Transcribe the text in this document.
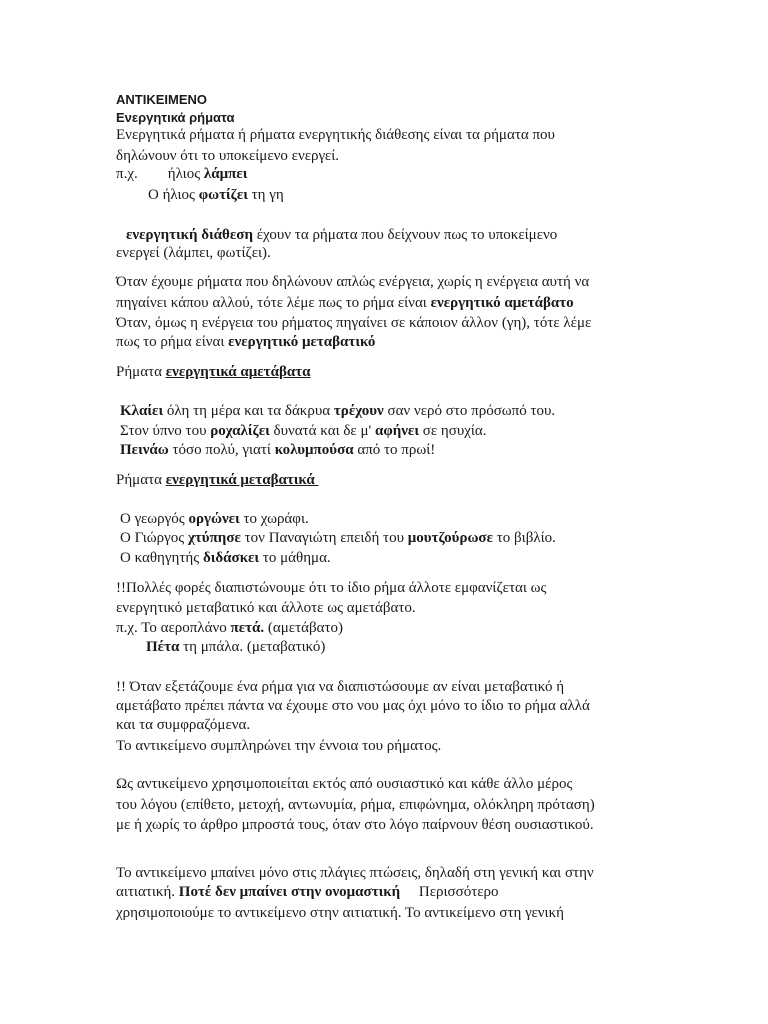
ΑΝΤΙΚΕΙΜΕΝΟ
Ενεργητικά ρήματα
Ενεργητικά ρήματα ή ρήματα ενεργητικής διάθεσης είναι τα ρήματα που
δηλώνουν ότι το υποκείμενο ενεργεί.
π.χ. ήλιος λάμπει
Ο ήλιος φωτίζει τη γη
ενεργητική διάθεση έχουν τα ρήματα που δείχνουν πως το υποκείμενο
ενεργεί (λάμπει, φωτίζει).
Όταν έχουμε ρήματα που δηλώνουν απλώς ενέργεια, χωρίς η ενέργεια αυτή να
πηγαίνει κάπου αλλού, τότε λέμε πως το ρήμα είναι ενεργητικό αμετάβατο
Όταν, όμως η ενέργεια του ρήματος πηγαίνει σε κάποιον άλλον (γη), τότε λέμε
πως το ρήμα είναι ενεργητικό μεταβατικό
Ρήματα ενεργητικά αμετάβατα
Κλαίει όλη τη μέρα και τα δάκρυα τρέχουν σαν νερό στο πρόσωπό του.
Στον ύπνο του ροχαλίζει δυνατά και δε μ' αφήνει σε ησυχία.
Πεινάω τόσο πολύ, γιατί κολυμπούσα από το πρωί!
Ρήματα ενεργητικά μεταβατικά
Ο γεωργός οργώνει το χωράφι.
Ο Γιώργος χτύπησε τον Παναγιώτη επειδή του μουτζούρωσε το βιβλίο.
Ο καθηγητής διδάσκει το μάθημα.
!!Πολλές φορές διαπιστώνουμε ότι το ίδιο ρήμα άλλοτε εμφανίζεται ως
ενεργητικό μεταβατικό και άλλοτε ως αμετάβατο.
π.χ. Το αεροπλάνο πετά. (αμετάβατο)
Πέτα τη μπάλα. (μεταβατικό)
!! Όταν εξετάζουμε ένα ρήμα για να διαπιστώσουμε αν είναι μεταβατικό ή
αμετάβατο πρέπει πάντα να έχουμε στο νου μας όχι μόνο το ίδιο το ρήμα αλλά
και τα συμφραζόμενα.
Το αντικείμενο συμπληρώνει την έννοια του ρήματος.
Ως αντικείμενο χρησιμοποιείται εκτός από ουσιαστικό και κάθε άλλο μέρος
του λόγου (επίθετο, μετοχή, αντωνυμία, ρήμα, επιφώνημα, ολόκληρη πρόταση)
με ή χωρίς το άρθρο μπροστά τους, όταν στο λόγο παίρνουν θέση ουσιαστικού.
Το αντικείμενο μπαίνει μόνο στις πλάγιες πτώσεις, δηλαδή στη γενική και στην
αιτιατική. Ποτέ δεν μπαίνει στην ονομαστική     Περισσότερο
χρησιμοποιούμε το αντικείμενο στην αιτιατική. Το αντικείμενο στη γενική
